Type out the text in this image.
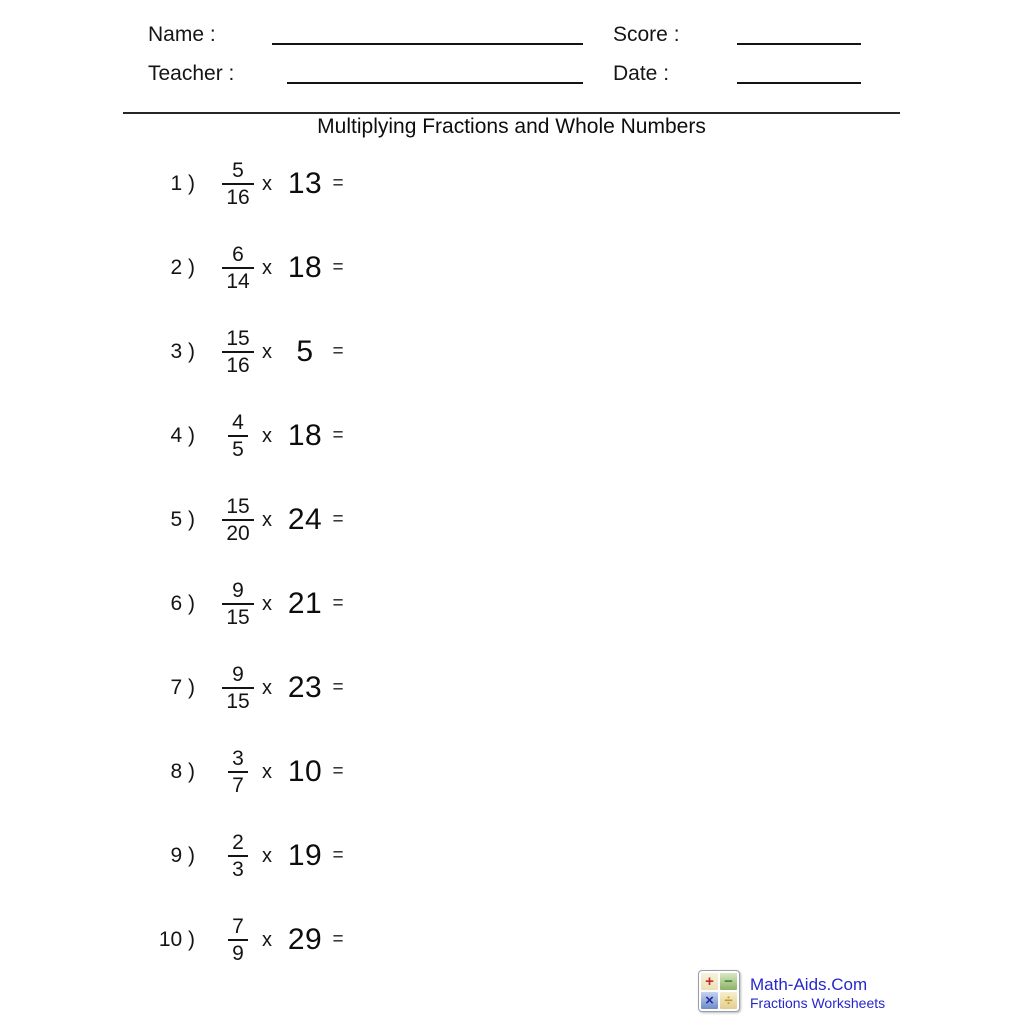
Name :
Teacher :
Score :
Date :
Multiplying Fractions and Whole Numbers
1 ) $\frac{5}{16}$ x 13 =
2 ) $\frac{6}{14}$ x 18 =
3 ) $\frac{15}{16}$ x 5 =
4 ) $\frac{4}{5}$ x 18 =
5 ) $\frac{15}{20}$ x 24 =
6 ) $\frac{9}{15}$ x 21 =
7 ) $\frac{9}{15}$ x 23 =
8 ) $\frac{3}{7}$ x 10 =
9 ) $\frac{2}{3}$ x 19 =
10 ) $\frac{7}{9}$ x 29 =
+ −
× ÷
Math-Aids.Com
Fractions Worksheets
